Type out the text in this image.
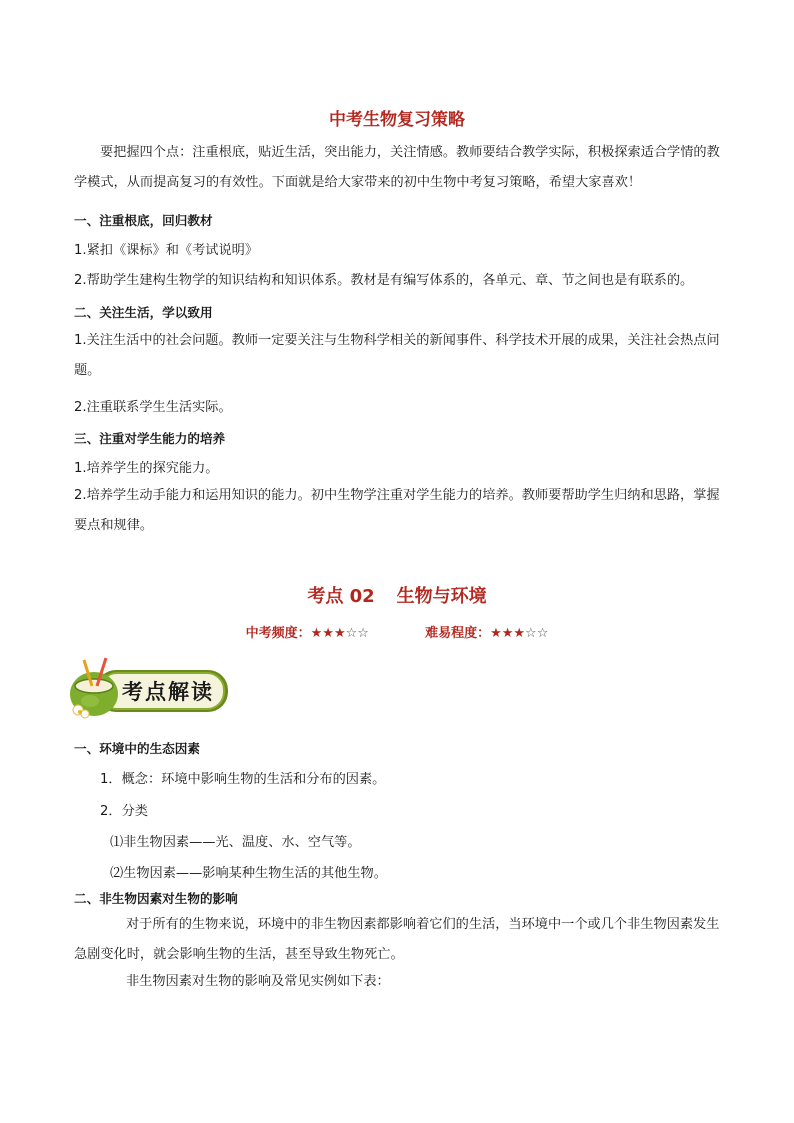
中考生物复习策略
要把握四个点：注重根底，贴近生活，突出能力，关注情感。教师要结合教学实际，积极探索适合学情的教学模式，从而提高复习的有效性。下面就是给大家带来的初中生物中考复习策略，希望大家喜欢！
一、注重根底，回归教材
1.紧扣《课标》和《考试说明》
2.帮助学生建构生物学的知识结构和知识体系。教材是有编写体系的，各单元、章、节之间也是有联系的。
二、关注生活，学以致用
1.关注生活中的社会问题。教师一定要关注与生物科学相关的新闻事件、科学技术开展的成果，关注社会热点问题。
2.注重联系学生生活实际。
三、注重对学生能力的培养
1.培养学生的探究能力。
2.培养学生动手能力和运用知识的能力。初中生物学注重对学生能力的培养。教师要帮助学生归纳和思路，掌握要点和规律。
考点 02 生物与环境
中考频度：★★★☆☆	难易程度：★★★☆☆
考点解读
一、环境中的生态因素
1．概念：环境中影响生物的生活和分布的因素。
2．分类
⑴非生物因素——光、温度、水、空气等。
⑵生物因素——影响某种生物生活的其他生物。
二、非生物因素对生物的影响
对于所有的生物来说，环境中的非生物因素都影响着它们的生活，当环境中一个或几个非生物因素发生急剧变化时，就会影响生物的生活，甚至导致生物死亡。
非生物因素对生物的影响及常见实例如下表：
